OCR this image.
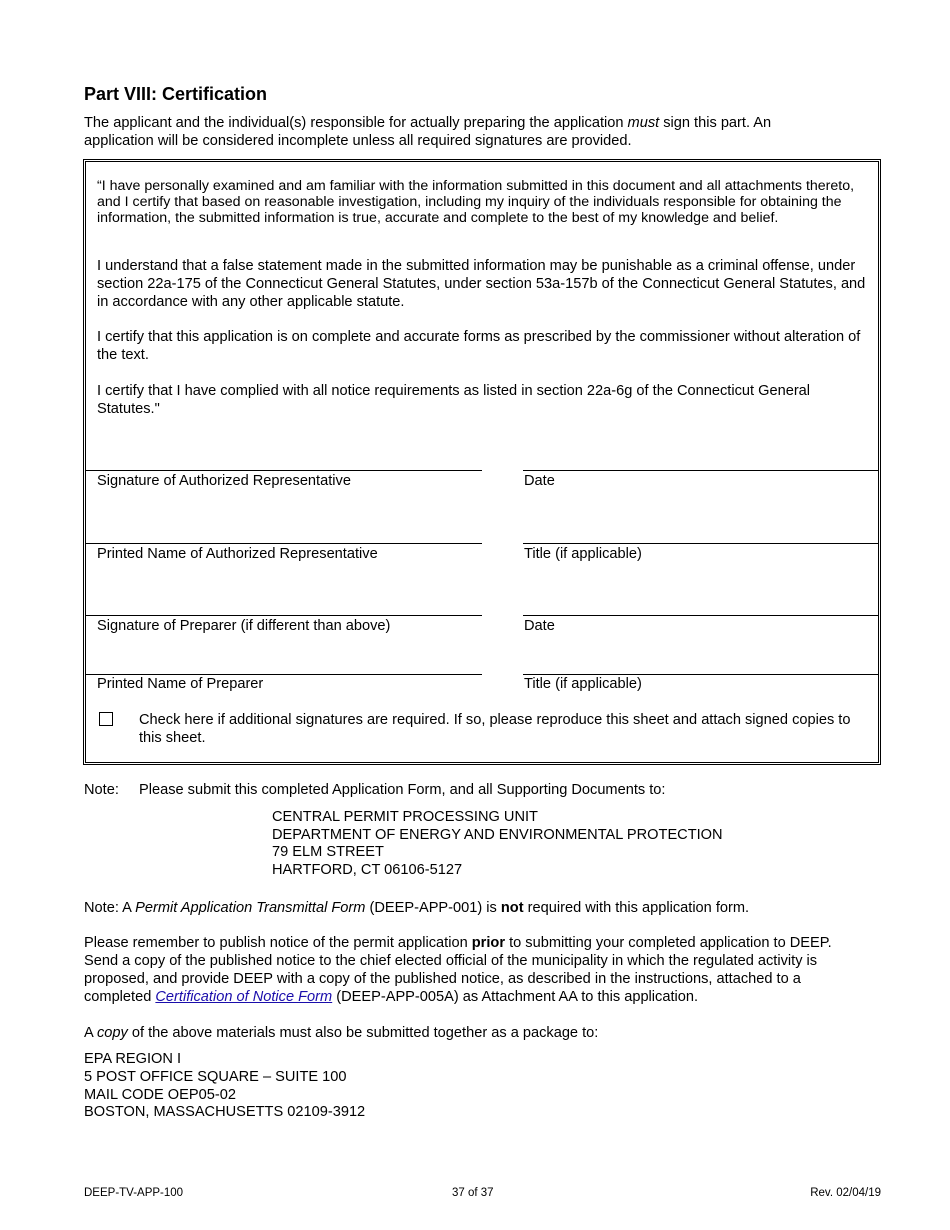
Part VIII: Certification
The applicant and the individual(s) responsible for actually preparing the application must sign this part. An application will be considered incomplete unless all required signatures are provided.
“I have personally examined and am familiar with the information submitted in this document and all attachments thereto, and I certify that based on reasonable investigation, including my inquiry of the individuals responsible for obtaining the information, the submitted information is true, accurate and complete to the best of my knowledge and belief.
I understand that a false statement made in the submitted information may be punishable as a criminal offense, under section 22a-175 of the Connecticut General Statutes, under section 53a-157b of the Connecticut General Statutes, and in accordance with any other applicable statute.
I certify that this application is on complete and accurate forms as prescribed by the commissioner without alteration of the text.
I certify that I have complied with all notice requirements as listed in section 22a-6g of the Connecticut General Statutes."
Signature of Authorized Representative	Date
Printed Name of Authorized Representative	Title (if applicable)
Signature of Preparer (if different than above)	Date
Printed Name of Preparer	Title (if applicable)
Check here if additional signatures are required. If so, please reproduce this sheet and attach signed copies to this sheet.
Note: Please submit this completed Application Form, and all Supporting Documents to:
CENTRAL PERMIT PROCESSING UNIT
DEPARTMENT OF ENERGY AND ENVIRONMENTAL PROTECTION
79 ELM STREET
HARTFORD, CT 06106-5127
Note: A Permit Application Transmittal Form (DEEP-APP-001) is not required with this application form.
Please remember to publish notice of the permit application prior to submitting your completed application to DEEP. Send a copy of the published notice to the chief elected official of the municipality in which the regulated activity is proposed, and provide DEEP with a copy of the published notice, as described in the instructions, attached to a completed Certification of Notice Form (DEEP-APP-005A) as Attachment AA to this application.
A copy of the above materials must also be submitted together as a package to:
EPA REGION I
5 POST OFFICE SQUARE – SUITE 100
MAIL CODE OEP05-02
BOSTON, MASSACHUSETTS 02109-3912
DEEP-TV-APP-100	37 of 37	Rev. 02/04/19
